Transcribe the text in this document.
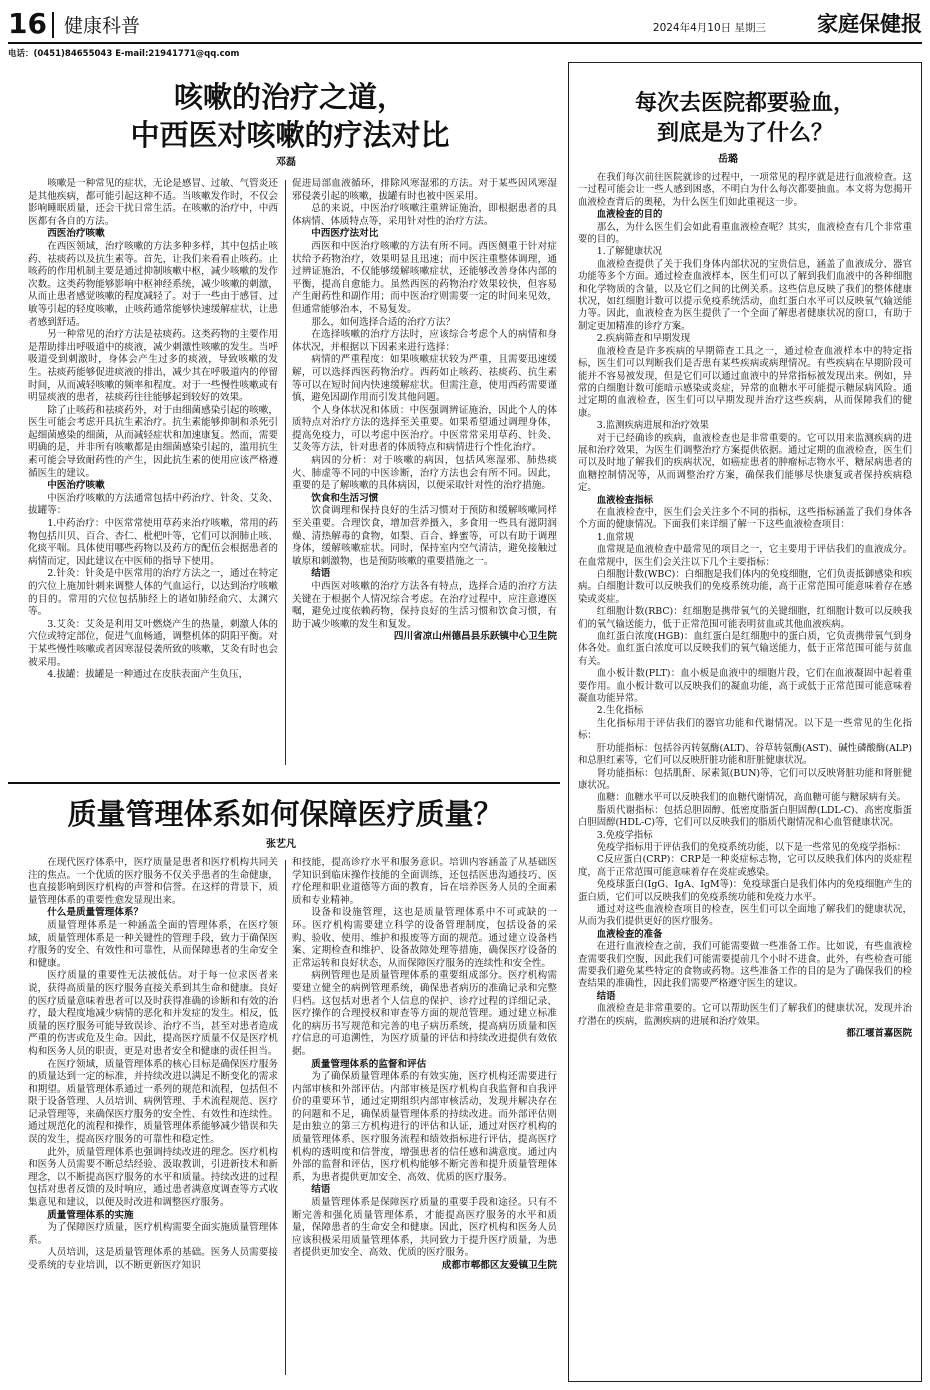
16 健康科普	2024年4月10日 星期三 家庭保健报
电话：(0451)84655043 E-mail:21941771@qq.com
咳嗽的治疗之道，
中西医对咳嗽的疗法对比
邓磊

咳嗽是一种常见的症状，无论是感冒、过敏、气管炎还是其他疾病，都可能引起这种不适。当咳嗽发作时，不仅会影响睡眠质量，还会干扰日常生活。在咳嗽的治疗中，中西医都有各自的方法。

西医治疗咳嗽

在西医领域，治疗咳嗽的方法多种多样，其中包括止咳药、祛痰药以及抗生素等。首先，让我们来看看止咳药。止咳药的作用机制主要是通过抑制咳嗽中枢，减少咳嗽的发作次数。这类药物能够影响中枢神经系统，减少咳嗽的刺激，从而止患者感觉咳嗽的程度减轻了。对于一些由于感冒、过敏等引起的轻度咳嗽，止咳药通常能够快速缓解症状，让患者感到舒适。

另一种常见的治疗方法是祛痰药。这类药物的主要作用是帮助排出呼吸道中的痰液，减少刺激性咳嗽的发生。当呼吸道受到刺激时，身体会产生过多的痰液，导致咳嗽的发生。祛痰药能够促进痰液的排出，减少其在呼吸道内的停留时间，从而减轻咳嗽的频率和程度。对于一些慢性咳嗽或有明显痰液的患者，祛痰药往往能够起到较好的效果。

除了止咳药和祛痰药外，对于由细菌感染引起的咳嗽，医生可能会考虑开具抗生素治疗。抗生素能够抑制和杀死引起细菌感染的细菌，从而减轻症状和加速康复。然而，需要明确的是，并非所有咳嗽都是由细菌感染引起的，滥用抗生素可能会导致耐药性的产生，因此抗生素的使用应该严格遵循医生的建议。

中医治疗咳嗽

中医治疗咳嗽的方法通常包括中药治疗、针灸、艾灸、拔罐等：

1.中药治疗：中医常常使用草药来治疗咳嗽，常用的药物包括川贝、百合、杏仁、枇杷叶等，它们可以润肺止咳、化痰平喘。具体使用哪些药物以及药方的配伍会根据患者的病情而定，因此建议在中医师的指导下使用。

2.针灸：针灸是中医常用的治疗方法之一，通过在特定的穴位上施加针刺来调整人体的气血运行，以达到治疗咳嗽的目的。常用的穴位包括肺经上的诸如肺经俞穴、太渊穴等。

3.艾灸：艾灸是利用艾叶燃烧产生的热量，刺激人体的穴位或特定部位，促进气血畅通，调整机体的阴阳平衡。对于某些慢性咳嗽或者因寒湿侵袭所致的咳嗽，艾灸有时也会被采用。

4.拔罐：拔罐是一种通过在皮肤表面产生负压，

促进局部血液循环，排除风寒湿邪的方法。对于某些因风寒湿邪侵袭引起的咳嗽，拔罐有时也被中医采用。

总的来说，中医治疗咳嗽注重辨证施治，即根据患者的具体病情、体质特点等，采用针对性的治疗方法。

中西医疗法对比

西医和中医治疗咳嗽的方法有所不同。西医侧重于针对症状给予药物治疗，效果明显且迅速；而中医注重整体调理，通过辨证施治，不仅能够缓解咳嗽症状，还能够改善身体内部的平衡，提高自愈能力。虽然西医的药物治疗效果较快，但容易产生耐药性和副作用；而中医治疗则需要一定的时间来见效，但通常能够治本，不易复发。

那么，如何选择合适的治疗方法？

在选择咳嗽的治疗方法时，应该综合考虑个人的病情和身体状况，并根据以下因素来进行选择：

病情的严重程度：如果咳嗽症状较为严重，且需要迅速缓解，可以选择西医药物治疗。西药如止咳药、祛痰药、抗生素等可以在短时间内快速缓解症状。但需注意，使用西药需要谨慎，避免因副作用而引发其他问题。

个人身体状况和体质：中医强调辨证施治，因此个人的体质特点对治疗方法的选择至关重要。如果希望通过调理身体，提高免疫力，可以考虑中医治疗。中医常常采用草药、针灸、艾灸等方法，针对患者的体质特点和病情进行个性化治疗。

病因的分析：对于咳嗽的病因，包括风寒湿邪、肺热痰火、肺虚等不同的中医诊断，治疗方法也会有所不同。因此，重要的是了解咳嗽的具体病因，以便采取针对性的治疗措施。

饮食和生活习惯

饮食调理和保持良好的生活习惯对于预防和缓解咳嗽同样至关重要。合理饮食，增加营养摄入，多食用一些具有滋阴润燥、清热解毒的食物，如梨、百合、蜂蜜等，可以有助于调理身体，缓解咳嗽症状。同时，保持室内空气清洁，避免接触过敏原和刺激物，也是预防咳嗽的重要措施之一。

结语

中西医对咳嗽的治疗方法各有特点，选择合适的治疗方法关键在于根据个人情况综合考虑。在治疗过程中，应注意遵医嘱，避免过度依赖药物，保持良好的生活习惯和饮食习惯，有助于减少咳嗽的发生和复发。

四川省凉山州德昌县乐跃镇中心卫生院

质量管理体系如何保障医疗质量？
张艺凡

在现代医疗体系中，医疗质量是患者和医疗机构共同关注的焦点。一个优质的医疗服务不仅关乎患者的生命健康，也直接影响到医疗机构的声誉和信誉。在这样的背景下，质量管理体系的重要性愈发显现出来。

什么是质量管理体系？

质量管理体系是一种涵盖全面的管理体系，在医疗领域，质量管理体系是一种关键性的管理手段，致力于确保医疗服务的安全、有效性和可靠性，从而保障患者的生命安全和健康。

医疗质量的重要性无法被低估。对于每一位求医者来说，获得高质量的医疗服务直接关系到其生命和健康。良好的医疗质量意味着患者可以及时获得准确的诊断和有效的治疗，最大程度地减少病情的恶化和并发症的发生。相反，低质量的医疗服务可能导致误诊、治疗不当，甚至对患者造成严重的伤害或危及生命。因此，提高医疗质量不仅是医疗机构和医务人员的职责，更是对患者安全和健康的责任担当。

在医疗领域，质量管理体系的核心目标是确保医疗服务的质量达到一定的标准，并持续改进以满足不断变化的需求和期望。质量管理体系通过一系列的规范和流程，包括但不限于设备管理、人员培训、病例管理、手术流程规范、医疗记录管理等，来确保医疗服务的安全性、有效性和连续性。通过规范化的流程和操作，质量管理体系能够减少错误和失误的发生，提高医疗服务的可靠性和稳定性。

此外，质量管理体系也强调持续改进的理念。医疗机构和医务人员需要不断总结经验、汲取教训，引进新技术和新理念，以不断提高医疗服务的水平和质量。持续改进的过程包括对患者反馈的及时响应，通过患者满意度调查等方式收集意见和建议，以便及时改进和调整医疗服务。

质量管理体系的实施

为了保障医疗质量，医疗机构需要全面实施质量管理体系。

人员培训，这是质量管理体系的基础。医务人员需要接受系统的专业培训，以不断更新医疗知识

和技能，提高诊疗水平和服务意识。培训内容涵盖了从基础医学知识到临床操作技能的全面训练，还包括医患沟通技巧、医疗伦理和职业道德等方面的教育，旨在培养医务人员的全面素质和专业精神。

设备和设施管理，这也是质量管理体系中不可或缺的一环。医疗机构需要建立科学的设备管理制度，包括设备的采购、验收、使用、维护和报废等方面的规范。通过建立设备档案、定期检查和维护、设备故障处理等措施，确保医疗设备的正常运转和良好状态，从而保障医疗服务的连续性和安全性。

病例管理也是质量管理体系的重要组成部分。医疗机构需要建立健全的病例管理系统，确保患者病历的准确记录和完整归档。这包括对患者个人信息的保护、诊疗过程的详细记录、医疗操作的合理授权和审查等方面的规范管理。通过建立标准化的病历书写规范和完善的电子病历系统，提高病历质量和医疗信息的可追溯性，为医疗质量的评估和持续改进提供有效依据。

质量管理体系的监督和评估

为了确保质量管理体系的有效实施，医疗机构还需要进行内部审核和外部评估。内部审核是医疗机构自我监督和自我评价的重要环节，通过定期组织内部审核活动，发现并解决存在的问题和不足，确保质量管理体系的持续改进。而外部评估则是由独立的第三方机构进行的评估和认证，通过对医疗机构的质量管理体系、医疗服务流程和绩效指标进行评估，提高医疗机构的透明度和信誉度，增强患者的信任感和满意度。通过内外部的监督和评估，医疗机构能够不断完善和提升质量管理体系，为患者提供更加安全、高效、优质的医疗服务。

结语

质量管理体系是保障医疗质量的重要手段和途径。只有不断完善和强化质量管理体系，才能提高医疗服务的水平和质量，保障患者的生命安全和健康。因此，医疗机构和医务人员应该积极采用质量管理体系，共同致力于提升医疗质量，为患者提供更加安全、高效、优质的医疗服务。

成都市郫都区友爱镇卫生院

每次去医院都要验血，
到底是为了什么？
岳璐

在我们每次前往医院就诊的过程中，一项常见的程序就是进行血液检查。这一过程可能会让一些人感到困惑，不明白为什么每次都要抽血。本文将为您揭开血液检查背后的奥秘，为什么医生们如此重视这一步。

血液检查的目的

那么，为什么医生们会如此看重血液检查呢？其实，血液检查有几个非常重要的目的。

1.了解健康状况

血液检查提供了关于我们身体内部状况的宝贵信息，涵盖了血液成分、器官功能等多个方面。通过检查血液样本，医生们可以了解到我们血液中的各种细胞和化学物质的含量，以及它们之间的比例关系。这些信息反映了我们的整体健康状况，如红细胞计数可以提示免疫系统活动，血红蛋白水平可以反映氧气输送能力等。因此，血液检查为医生提供了一个全面了解患者健康状况的窗口，有助于制定更加精准的诊疗方案。

2.疾病筛查和早期发现

血液检查是许多疾病的早期筛查工具之一，通过检查血液样本中的特定指标，医生们可以判断我们是否患有某些疾病或病理情况。有些疾病在早期阶段可能并不容易被发现，但是它们可以通过血液中的异常指标被发现出来。例如，异常的白细胞计数可能暗示感染或炎症，异常的血糖水平可能提示糖尿病风险。通过定期的血液检查，医生们可以早期发现并治疗这些疾病，从而保障我们的健康。

3.监测疾病进展和治疗效果

对于已经确诊的疾病，血液检查也是非常重要的。它可以用来监测疾病的进展和治疗效果，为医生们调整治疗方案提供依据。通过定期的血液检查，医生们可以及时地了解我们的疾病状况，如癌症患者的肿瘤标志物水平、糖尿病患者的血糖控制情况等，从而调整治疗方案，确保我们能够尽快康复或者保持疾病稳定。

血液检查指标

在血液检查中，医生们会关注多个不同的指标，这些指标涵盖了我们身体各个方面的健康情况。下面我们来详细了解一下这些血液检查项目：

1.血常规

血常规是血液检查中最常见的项目之一，它主要用于评估我们的血液成分。在血常规中，医生们会关注以下几个主要指标：

白细胞计数(WBC)：白细胞是我们体内的免疫细胞，它们负责抵御感染和疾病。白细胞计数可以反映我们的免疫系统功能，高于正常范围可能意味着存在感染或炎症。

红细胞计数(RBC)：红细胞是携带氧气的关键细胞，红细胞计数可以反映我们的氧气输送能力，低于正常范围可能表明贫血或其他血液疾病。

血红蛋白浓度(HGB)：血红蛋白是红细胞中的蛋白质，它负责携带氧气到身体各处。血红蛋白浓度可以反映我们的氧气输送能力，低于正常范围可能与贫血有关。

血小板计数(PLT)：血小板是血液中的细胞片段，它们在血液凝固中起着重要作用。血小板计数可以反映我们的凝血功能，高于或低于正常范围可能意味着凝血功能异常。

2.生化指标

生化指标用于评估我们的器官功能和代谢情况。以下是一些常见的生化指标：

肝功能指标：包括谷丙转氨酶(ALT)、谷草转氨酶(AST)、碱性磷酸酶(ALP)和总胆红素等，它们可以反映肝脏功能和肝脏健康状况。

肾功能指标：包括肌酐、尿素氮(BUN)等，它们可以反映肾脏功能和肾脏健康状况。

血糖：血糖水平可以反映我们的血糖代谢情况，高血糖可能与糖尿病有关。

脂质代谢指标：包括总胆固醇、低密度脂蛋白胆固醇(LDL-C)、高密度脂蛋白胆固醇(HDL-C)等，它们可以反映我们的脂质代谢情况和心血管健康状况。

3.免疫学指标

免疫学指标用于评估我们的免疫系统功能，以下是一些常见的免疫学指标：

C反应蛋白(CRP)：CRP是一种炎症标志物，它可以反映我们体内的炎症程度，高于正常范围可能意味着存在炎症或感染。

免疫球蛋白(IgG、IgA、IgM等)：免疫球蛋白是我们体内的免疫细胞产生的蛋白质，它们可以反映我们的免疫系统功能和免疫力水平。

通过对这些血液检查项目的检查，医生们可以全面地了解我们的健康状况，从而为我们提供更好的医疗服务。

血液检查的准备

在进行血液检查之前，我们可能需要做一些准备工作。比如说，有些血液检查需要我们空腹，因此我们可能需要提前几个小时不进食。此外，有些检查可能需要我们避免某些特定的食物或药物。这些准备工作的目的是为了确保我们的检查结果的准确性，因此我们需要严格遵守医生的建议。

结语

血液检查是非常重要的。它可以帮助医生们了解我们的健康状况，发现并治疗潜在的疾病，监测疾病的进展和治疗效果。

都江堰首嘉医院
